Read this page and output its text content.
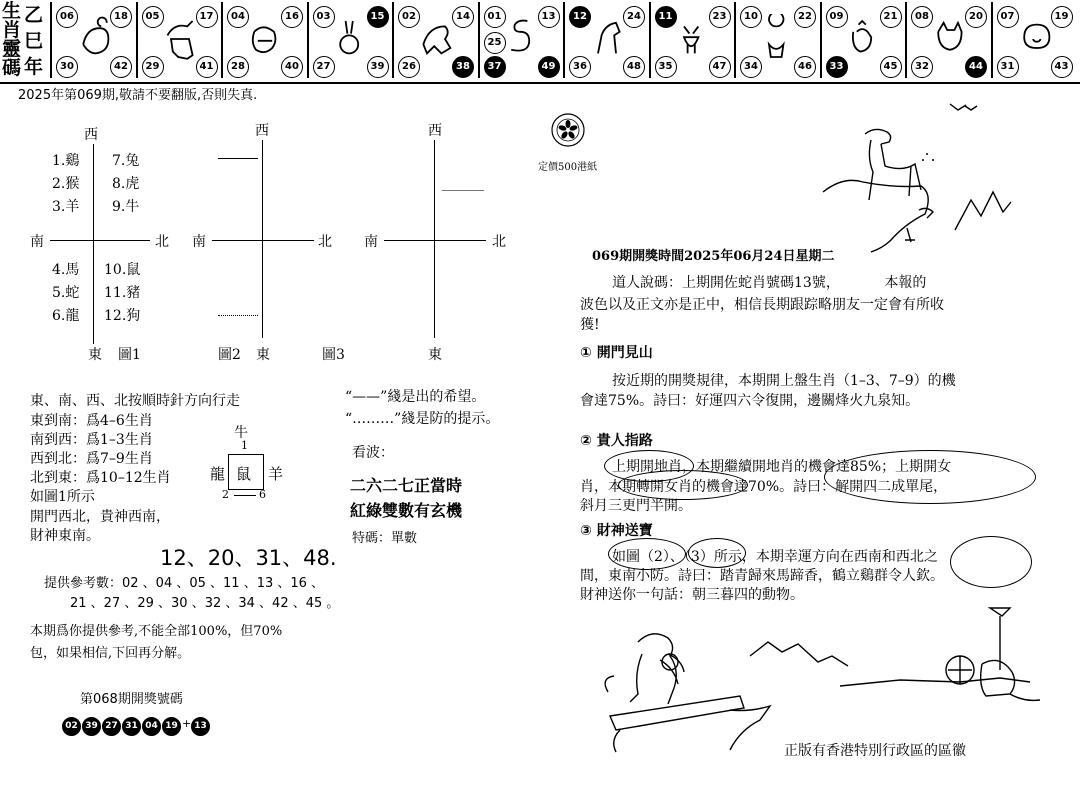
生
肖
靈
碼
乙
巳
年
06	18
30	42
05	17
29	41
04	16
28	40
03	15
27	39
02	14
26	38
01	13
37	49
25
12	24
36	48
11	23
35	47
10	22
34	46
09	21
33	45
08	20
32	44
07	19
31	43
2025年第069期,敬請不要翻版,否則失真.
西
南	北
東 圖1
1.鷄
2.猴
3.羊
4.馬
5.蛇
6.龍
7.兔
8.虎
9.牛
10.鼠
11.豬
12.狗
西
南	北
東
圖2	圖3
西
南	北
東
“——”綫是出的希望。
“………”綫是防的提示。
東、南、西、北按順時針方向行走
東到南：爲4–6生肖
南到西：爲1–3生肖
西到北：爲7–9生肖
北到東：爲10–12生肖
如圖1所示
開門西北，貴神西南，
財神東南。
牛
1
龍 鼠 羊
2	6
看波：
二六二七正當時
紅綠雙數有玄機
特碼：單數
12、20、31、48.
提供參考數：02 、04 、05 、11 、13 、16 、
21 、27 、29 、30 、32 、34 、42 、45 。
本期爲你提供參考,不能全部100%，但70%
包，如果相信,下回再分解。
第068期開獎號碼
02 39 27 31 04 19 + 13
定價500港紙
069期開獎時間2025年06月24日星期二
道人說碼：上期開佐蛇肖號碼13號，          本報的
波色以及正文亦是正中，相信長期跟踪略朋友一定會有所收
獲!
① 開門見山
按近期的開獎規律，本期開上盤生肖（1–3、7–9）的機
會達75%。詩曰：好運四六令復開，邊關烽火九泉知。
② 貴人指路
上期開地肖，本期繼續開地肖的機會達85%；上期開女
肖，本期轉開女肖的機會達70%。詩曰：解開四二成單尾，
斜月三更門半開。
③ 財神送寶
如圖（2）、（3）所示，本期幸運方向在西南和西北之
間，東南小防。詩曰：踏青歸來馬蹄香，鶴立鷄群令人欽。
財神送你一句話：朝三暮四的動物。
正版有香港特別行政區的區徽
